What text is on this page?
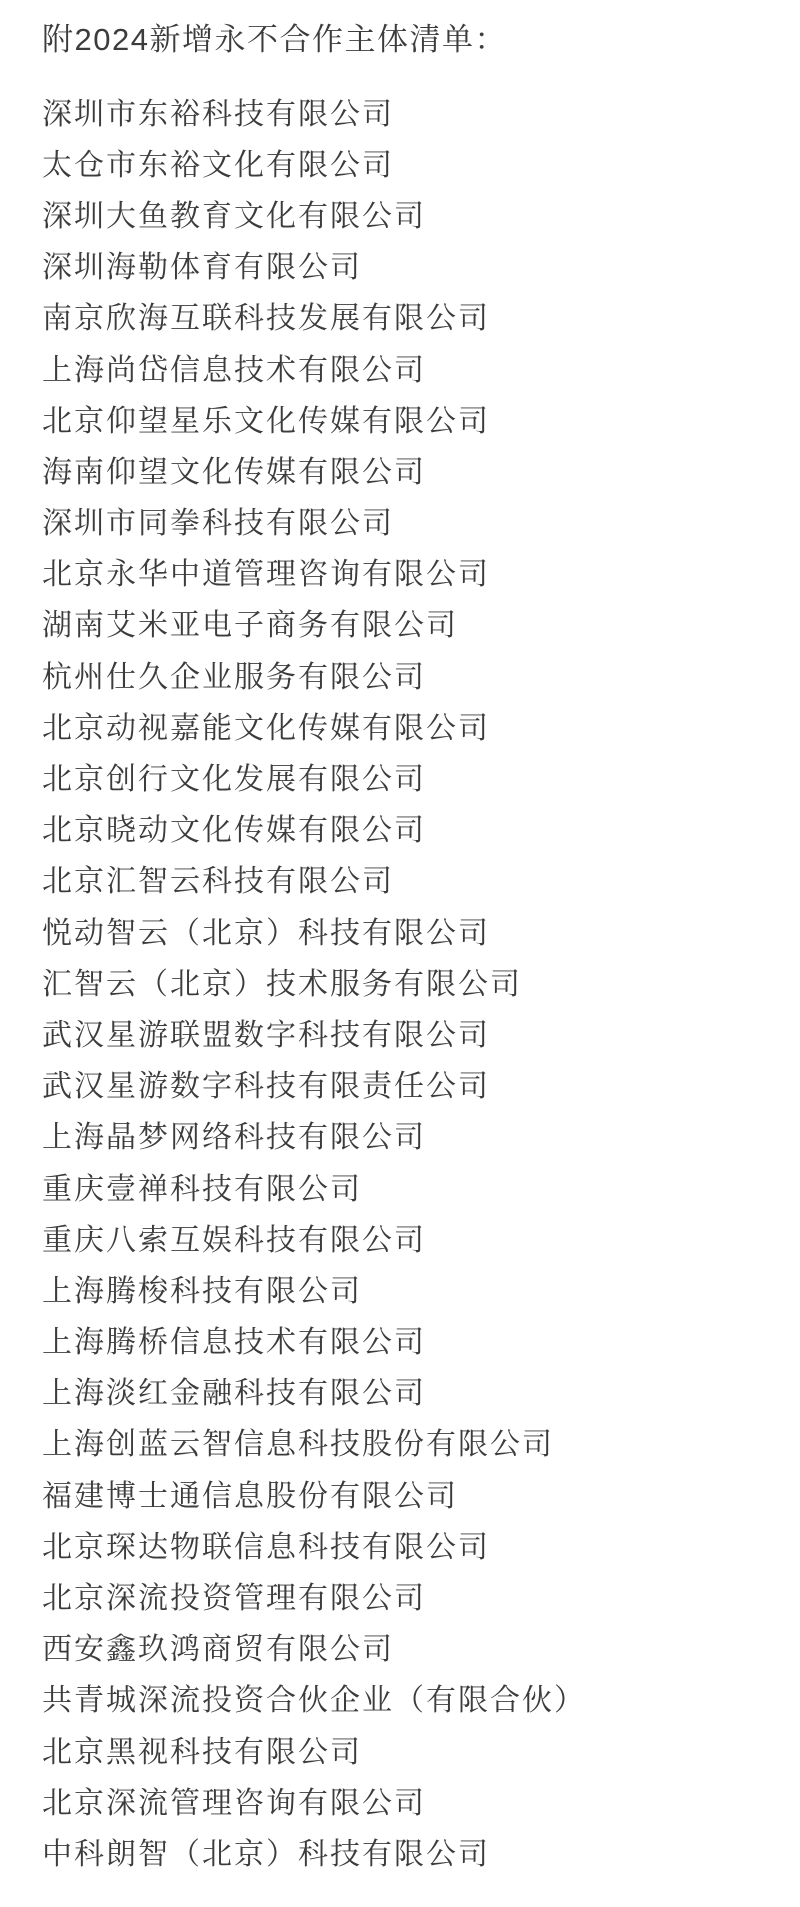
附2024新增永不合作主体清单：
深圳市东裕科技有限公司
太仓市东裕文化有限公司
深圳大鱼教育文化有限公司
深圳海勒体育有限公司
南京欣海互联科技发展有限公司
上海尚岱信息技术有限公司
北京仰望星乐文化传媒有限公司
海南仰望文化传媒有限公司
深圳市同拳科技有限公司
北京永华中道管理咨询有限公司
湖南艾米亚电子商务有限公司
杭州仕久企业服务有限公司
北京动视嘉能文化传媒有限公司
北京创行文化发展有限公司
北京晓动文化传媒有限公司
北京汇智云科技有限公司
悦动智云（北京）科技有限公司
汇智云（北京）技术服务有限公司
武汉星游联盟数字科技有限公司
武汉星游数字科技有限责任公司
上海晶梦网络科技有限公司
重庆壹禅科技有限公司
重庆八索互娱科技有限公司
上海腾梭科技有限公司
上海腾桥信息技术有限公司
上海淡红金融科技有限公司
上海创蓝云智信息科技股份有限公司
福建博士通信息股份有限公司
北京琛达物联信息科技有限公司
北京深流投资管理有限公司
西安鑫玖鸿商贸有限公司
共青城深流投资合伙企业（有限合伙）
北京黑视科技有限公司
北京深流管理咨询有限公司
中科朗智（北京）科技有限公司
